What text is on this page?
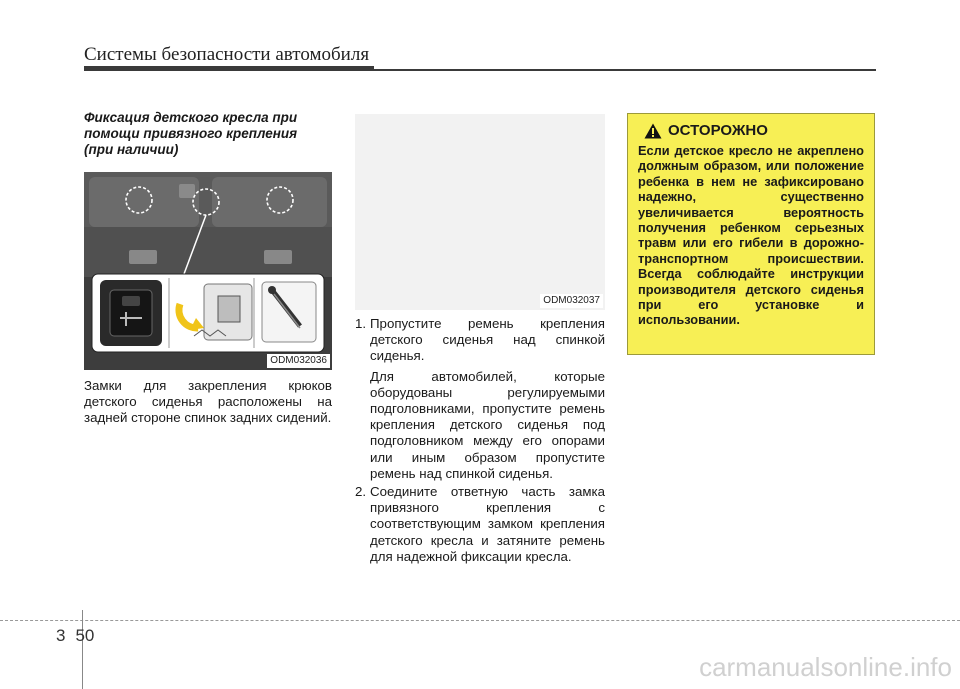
Системы безопасности автомобиля
Фиксация детского кресла при
помощи привязного крепления
(при наличии)
ODM032036

Замки для закрепления крюков детского сиденья расположены на задней стороне спинок задних сидений.

ODM032037
1. Пропустите ремень крепления детского сиденья над спинкой сиденья.

Для автомобилей, которые оборудованы регулируемыми подголовниками, пропустите ремень крепления детского сиденья под подголовником между его опорами или иным образом пропустите ремень над спинкой сиденья.

2. Соедините ответную часть замка привязного крепления с соответствующим замком крепления детского кресла и затяните ремень для надежной фиксации кресла.

ОСТОРОЖНО
Если детское кресло не акреплено должным образом, или положение ребенка в нем не зафиксировано надежно, существенно увеличивается вероятность получения ребенком серьезных травм или его гибели в дорожно-транспортном происшествии. Всегда соблюдайте инструкции производителя детского сиденья при его установке и использовании.
3 50
carmanualsonline.info
